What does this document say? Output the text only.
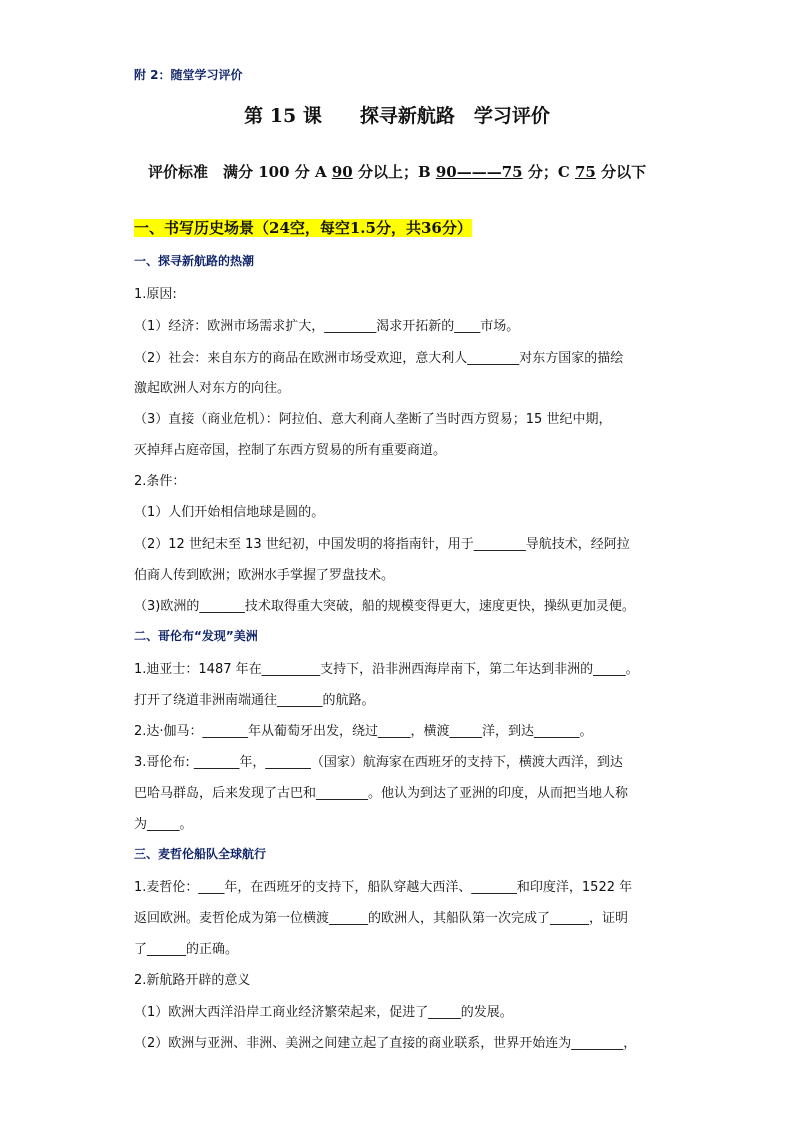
附 2：随堂学习评价
第 15 课　　探寻新航路　学习评价
评价标准　满分 100 分 A 90 分以上；B 90———75 分；C 75 分以下
一、书写历史场景（24空，每空1.5分，共36分）
一、探寻新航路的热潮
1.原因:
（1）经济：欧洲市场需求扩大，________渴求开拓新的____市场。
（2）社会：来自东方的商品在欧洲市场受欢迎，意大利人________对东方国家的描绘
激起欧洲人对东方的向往。
（3）直接（商业危机）：阿拉伯、意大利商人垄断了当时西方贸易；15 世纪中期，
灭掉拜占庭帝国，控制了东西方贸易的所有重要商道。
2.条件：
（1）人们开始相信地球是圆的。
（2）12 世纪末至 13 世纪初，中国发明的将指南针，用于________导航技术，经阿拉
伯商人传到欧洲；欧洲水手掌握了罗盘技术。
（3)欧洲的_______技术取得重大突破，船的规模变得更大，速度更快，操纵更加灵便。
二、哥伦布“发现”美洲
1.迪亚士：1487 年在_________支持下，沿非洲西海岸南下，第二年达到非洲的_____。
打开了绕道非洲南端通往_______的航路。
2.达·伽马：_______年从葡萄牙出发，绕过_____，横渡_____洋，到达_______。
3.哥伦布: _______年，_______（国家）航海家在西班牙的支持下，横渡大西洋，到达
巴哈马群岛，后来发现了古巴和________。他认为到达了亚洲的印度，从而把当地人称
为_____。
三、麦哲伦船队全球航行
1.麦哲伦：____年，在西班牙的支持下，船队穿越大西洋、_______和印度洋，1522 年
返回欧洲。麦哲伦成为第一位横渡______的欧洲人，其船队第一次完成了______，证明
了______的正确。
2.新航路开辟的意义
（1）欧洲大西洋沿岸工商业经济繁荣起来，促进了_____的发展。
（2）欧洲与亚洲、非洲、美洲之间建立起了直接的商业联系，世界开始连为________，
